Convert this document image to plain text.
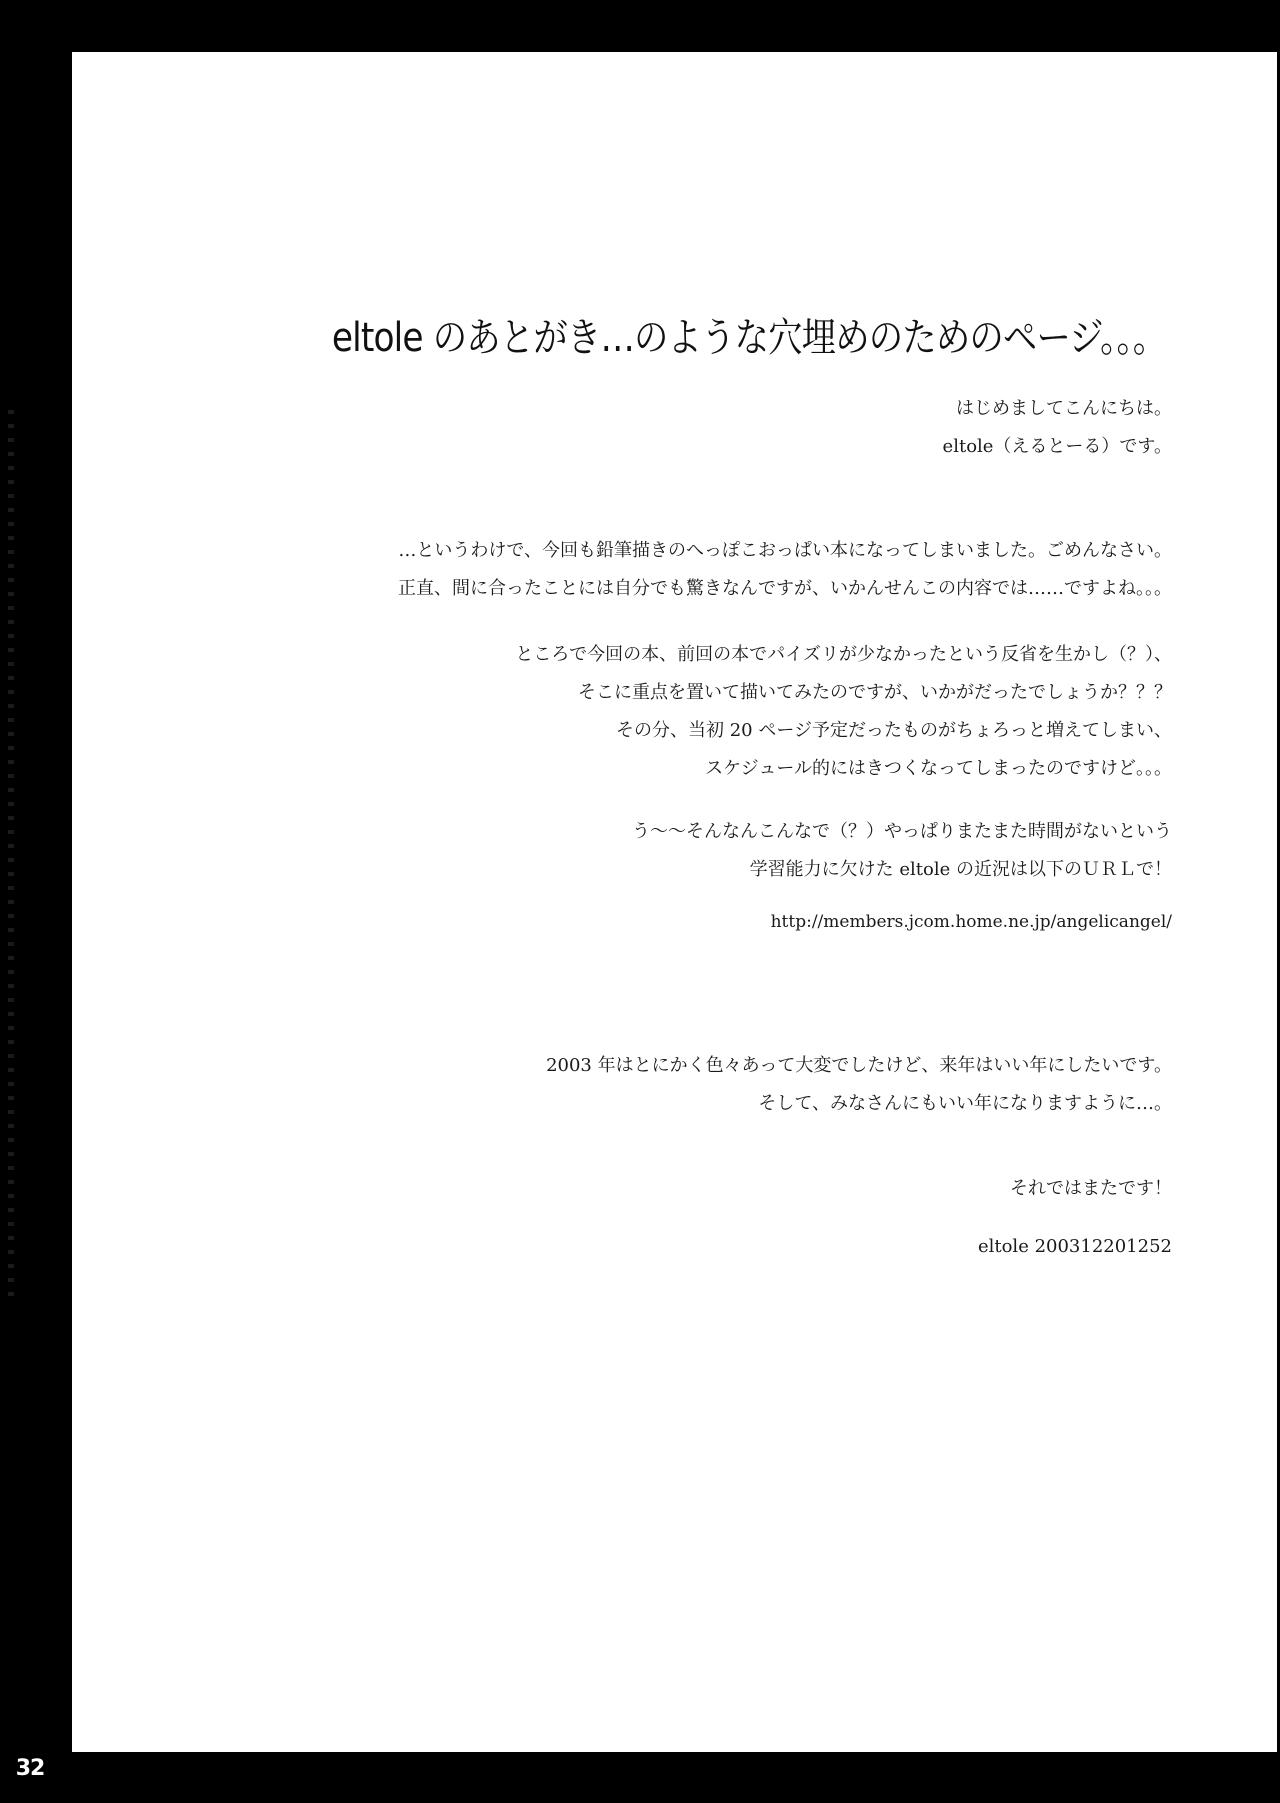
eltole のあとがき…のような穴埋めのためのページ。。。
はじめましてこんにちは。
eltole（えるとーる）です。
…というわけで、今回も鉛筆描きのへっぽこおっぱい本になってしまいました。ごめんなさい。
正直、間に合ったことには自分でも驚きなんですが、いかんせんこの内容では……ですよね。。。
ところで今回の本、前回の本でパイズリが少なかったという反省を生かし（？）、
そこに重点を置いて描いてみたのですが、いかがだったでしょうか？？？
その分、当初 20 ページ予定だったものがちょろっと増えてしまい、
スケジュール的にはきつくなってしまったのですけど。。。
う～～そんなんこんなで（？）やっぱりまたまた時間がないという
学習能力に欠けた eltole の近況は以下のＵＲＬで！
http://members.jcom.home.ne.jp/angelicangel/
2003 年はとにかく色々あって大変でしたけど、来年はいい年にしたいです。
そして、みなさんにもいい年になりますように…。
それではまたです！
eltole 200312201252
32
